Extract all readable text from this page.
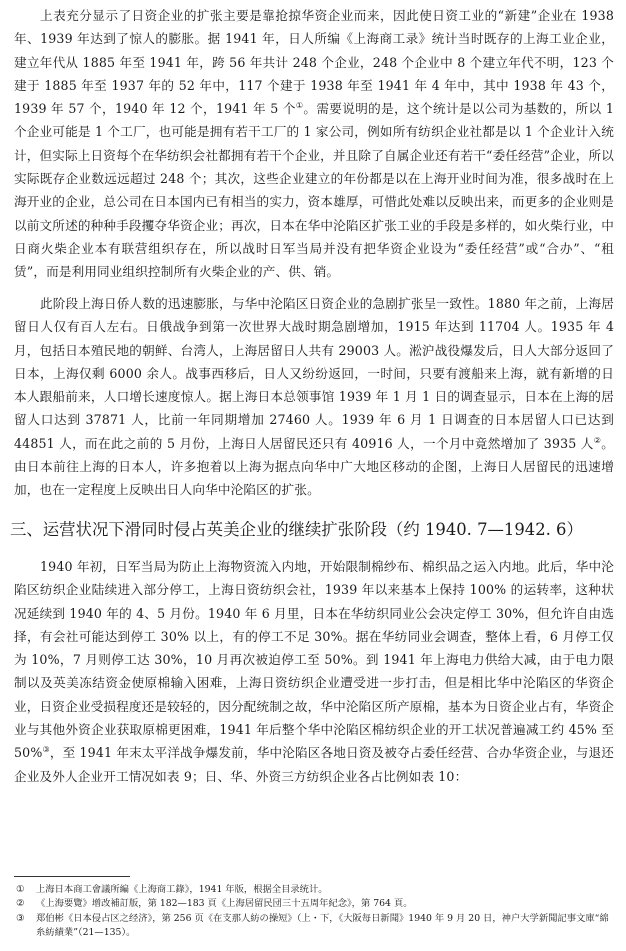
上表充分显示了日资企业的扩张主要是靠抢掠华资企业而来，因此使日资工业的“新建”企业在 1938 年、1939 年达到了惊人的膨胀。据 1941 年，日人所编《上海商工录》统计当时既存的上海工业企业，建立年代从 1885 年至 1941 年，跨 56 年共计 248 个企业，248 个企业中 8 个建立年代不明，123 个建于 1885 年至 1937 年的 52 年中，117 个建于 1938 年至 1941 年 4 年中，其中 1938 年 43 个，1939 年 57 个，1940 年 12 个，1941 年 5 个①。需要说明的是，这个统计是以公司为基数的，所以 1 个企业可能是 1 个工厂，也可能是拥有若干工厂的 1 家公司，例如所有纺织企业社都是以 1 个企业计入统计，但实际上日资每个在华纺织会社都拥有若干个企业，并且除了自属企业还有若干“委任经营”企业，所以实际既存企业数远远超过 248 个；其次，这些企业建立的年份都是以在上海开业时间为准，很多战时在上海开业的企业，总公司在日本国内已有相当的实力，资本雄厚，可惜此处难以反映出来，而更多的企业则是以前文所述的种种手段攫夺华资企业；再次，日本在华中沦陷区扩张工业的手段是多样的，如火柴行业，中日商火柴企业本有联营组织存在，所以战时日军当局并没有把华资企业设为“委任经营”或“合办”、“租赁”，而是利用同业组织控制所有火柴企业的产、供、销。

此阶段上海日侨人数的迅速膨胀，与华中沦陷区日资企业的急剧扩张呈一致性。1880 年之前，上海居留日人仅有百人左右。日俄战争到第一次世界大战时期急剧增加，1915 年达到 11704 人。1935 年 4 月，包括日本殖民地的朝鲜、台湾人，上海居留日人共有 29003 人。淞沪战役爆发后，日人大部分返回了日本，上海仅剩 6000 余人。战事西移后，日人又纷纷返回，一时间，只要有渡船来上海，就有新增的日本人跟船前来，人口增长速度惊人。据上海日本总领事馆 1939 年 1 月 1 日的调查显示，日本在上海的居留人口达到 37871 人，比前一年同期增加 27460 人。1939 年 6 月 1 日调查的日本居留人口已达到 44851 人，而在此之前的 5 月份，上海日人居留民还只有 40916 人，一个月中竟然增加了 3935 人②。由日本前往上海的日本人，许多抱着以上海为据点向华中广大地区移动的企图，上海日人居留民的迅速增加，也在一定程度上反映出日人向华中沦陷区的扩张。

三、运营状况下滑同时侵占英美企业的继续扩张阶段（约 1940. 7—1942. 6）

1940 年初，日军当局为防止上海物资流入内地，开始限制棉纱布、棉织品之运入内地。此后，华中沦陷区纺织企业陆续进入部分停工，上海日资纺织会社，1939 年以来基本上保持 100% 的运转率，这种状况延续到 1940 年的 4、5 月份。1940 年 6 月里，日本在华纺织同业公会决定停工 30%，但允许自由选择，有会社可能达到停工 30% 以上，有的停工不足 30%。据在华纺同业会调查，整体上看，6 月停工仅为 10%，7 月则停工达 30%，10 月再次被迫停工至 50%。到 1941 年上海电力供给大减，由于电力限制以及英美冻结资金使原棉输入困难，上海日资纺织企业遭受进一步打击，但是相比华中沦陷区的华资企业，日资企业受损程度还是较轻的，因分配统制之故，华中沦陷区所产原棉，基本为日资企业占有，华资企业与其他外资企业获取原棉更困难，1941 年后整个华中沦陷区棉纺织企业的开工状况普遍减工约 45% 至 50%③，至 1941 年末太平洋战争爆发前，华中沦陷区各地日资及被夺占委任经营、合办华资企业，与退还企业及外人企业开工情况如表 9；日、华、外资三方纺织企业各占比例如表 10：

① 上海日本商工會議所編《上海商工錄》，1941 年版，根据全目录统计。

② 《上海要覽》增改補訂版，第 182—183 頁《上海居留民団三十五周年紀念》，第 764 頁。

③ 郑伯彬《日本侵占区之经济》，第 256 页《在支那人紡の操短》（上・下，《大阪每日新聞》1940 年 9 月 20 日，神户大学新聞記事文庫“綿糸紡績業”（21—135）。
